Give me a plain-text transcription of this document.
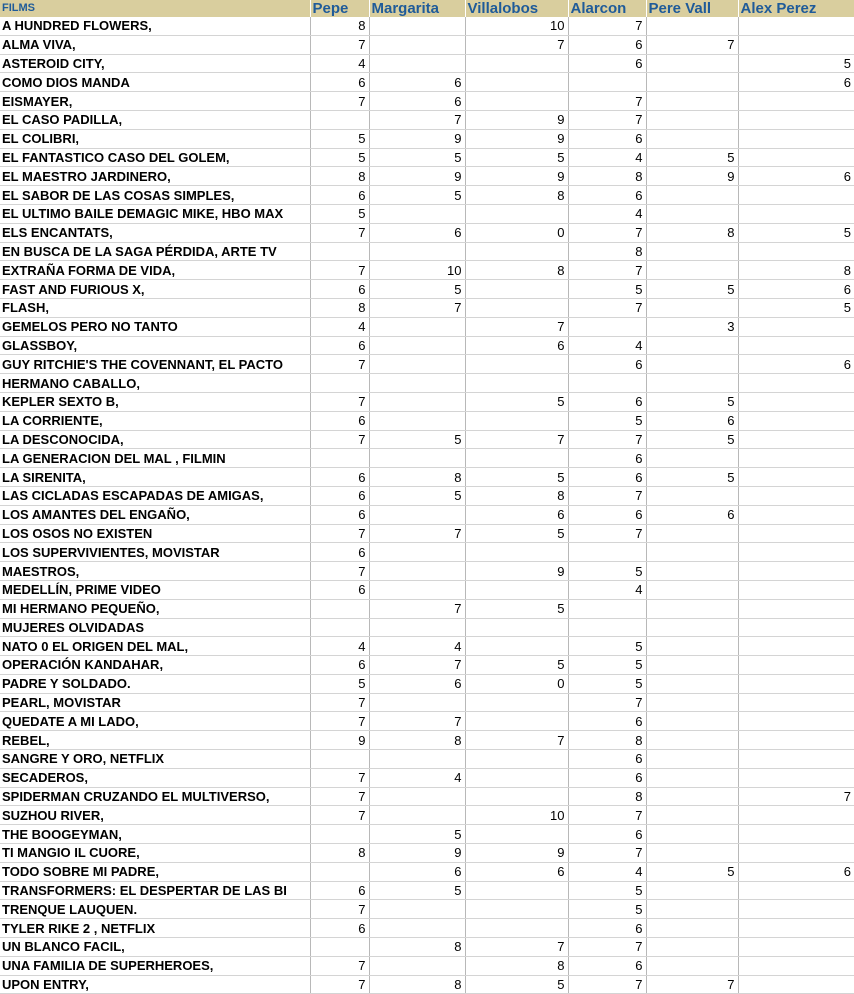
FILMS	Pepe	Margarita	Villalobos	Alarcon	Pere Vall	Alex Perez
A HUNDRED FLOWERS,	8		10	7		
ALMA VIVA,	7		7	6	7	
ASTEROID CITY,	4			6		5
COMO DIOS MANDA	6	6				6
EISMAYER,	7	6		7		
EL CASO PADILLA,		7	9	7		
EL COLIBRI,	5	9	9	6		
EL FANTASTICO CASO DEL GOLEM,	5	5	5	4	5	
EL MAESTRO JARDINERO,	8	9	9	8	9	6
EL SABOR DE LAS COSAS SIMPLES,	6	5	8	6		
EL ULTIMO BAILE DEMAGIC MIKE, HBO MAX	5			4		
ELS ENCANTATS,	7	6	0	7	8	5
EN BUSCA DE LA SAGA PÉRDIDA, ARTE TV				8		
EXTRAÑA FORMA DE VIDA,	7	10	8	7		8
FAST AND FURIOUS X,	6	5		5	5	6
FLASH,	8	7		7		5
GEMELOS PERO NO TANTO	4		7		3	
GLASSBOY,	6		6	4		
GUY RITCHIE'S THE COVENNANT, EL PACTO	7			6		6
HERMANO CABALLO,						
KEPLER SEXTO B,	7		5	6	5	
LA CORRIENTE,	6			5	6	
LA DESCONOCIDA,	7	5	7	7	5	
LA GENERACION DEL MAL , FILMIN				6		
LA SIRENITA,	6	8	5	6	5	
LAS CICLADAS ESCAPADAS DE AMIGAS,	6	5	8	7		
LOS AMANTES DEL ENGAÑO,	6		6	6	6	
LOS OSOS NO EXISTEN	7	7	5	7		
LOS SUPERVIVIENTES, MOVISTAR	6					
MAESTROS,	7		9	5		
MEDELLÍN, PRIME VIDEO	6			4		
MI HERMANO PEQUEÑO,		7	5			
MUJERES OLVIDADAS						
NATO 0 EL ORIGEN DEL MAL,	4	4		5		
OPERACIÓN KANDAHAR,	6	7	5	5		
PADRE Y SOLDADO.	5	6	0	5		
PEARL, MOVISTAR	7			7		
QUEDATE A MI LADO,	7	7		6		
REBEL,	9	8	7	8		
SANGRE Y ORO, NETFLIX				6		
SECADEROS,	7	4		6		
SPIDERMAN CRUZANDO EL MULTIVERSO,	7			8		7
SUZHOU RIVER,	7		10	7		
THE BOOGEYMAN,		5		6		
TI MANGIO IL CUORE,	8	9	9	7		
TODO SOBRE MI PADRE,		6	6	4	5	6
TRANSFORMERS: EL DESPERTAR DE LAS BI	6	5		5		
TRENQUE LAUQUEN.	7			5		
TYLER RIKE 2 , NETFLIX	6			6		
UN BLANCO FACIL,		8	7	7		
UNA FAMILIA DE SUPERHEROES,	7		8	6		
UPON ENTRY,	7	8	5	7	7	
